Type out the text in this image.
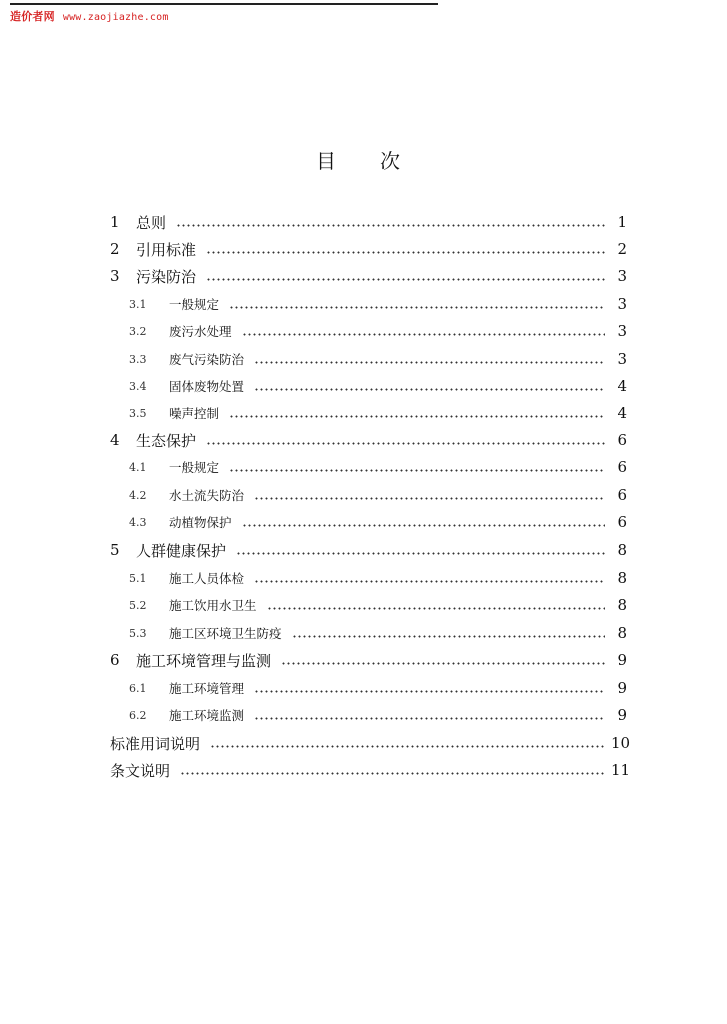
造价者网 www.zaojiazhe.com
目次
1	总则	1
2	引用标准	2
3	污染防治	3
3.1	一般规定	3
3.2	废污水处理	3
3.3	废气污染防治	3
3.4	固体废物处置	4
3.5	噪声控制	4
4	生态保护	6
4.1	一般规定	6
4.2	水土流失防治	6
4.3	动植物保护	6
5	人群健康保护	8
5.1	施工人员体检	8
5.2	施工饮用水卫生	8
5.3	施工区环境卫生防疫	8
6	施工环境管理与监测	9
6.1	施工环境管理	9
6.2	施工环境监测	9
标准用词说明	10
条文说明	11
